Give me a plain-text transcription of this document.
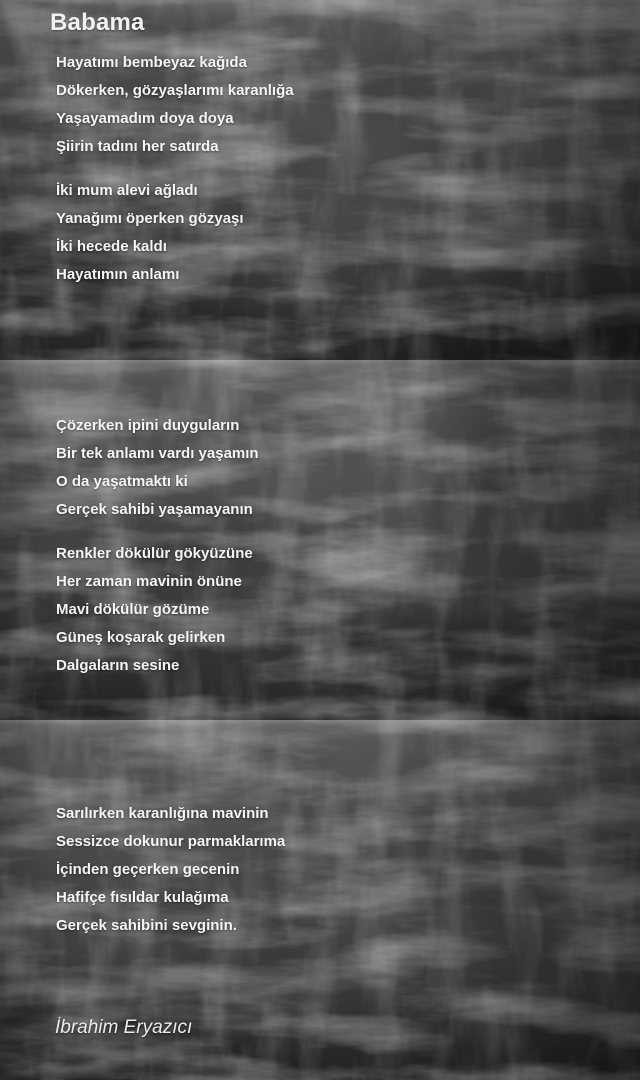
Babama

Hayatımı bembeyaz kağıda

Dökerken, gözyaşlarımı karanlığa

Yaşayamadım doya doya

Şiirin tadını her satırda

İki mum alevi ağladı

Yanağımı öperken gözyaşı

İki hecede kaldı

Hayatımın anlamı

Çözerken ipini duyguların

Bir tek anlamı vardı yaşamın

O da yaşatmaktı ki

Gerçek sahibi yaşamayanın

Renkler dökülür gökyüzüne

Her zaman mavinin önüne

Mavi dökülür gözüme

Güneş koşarak gelirken

Dalgaların sesine

Sarılırken karanlığına mavinin

Sessizce dokunur parmaklarıma

İçinden geçerken gecenin

Hafifçe fısıldar kulağıma

Gerçek sahibini sevginin.

İbrahim Eryazıcı
